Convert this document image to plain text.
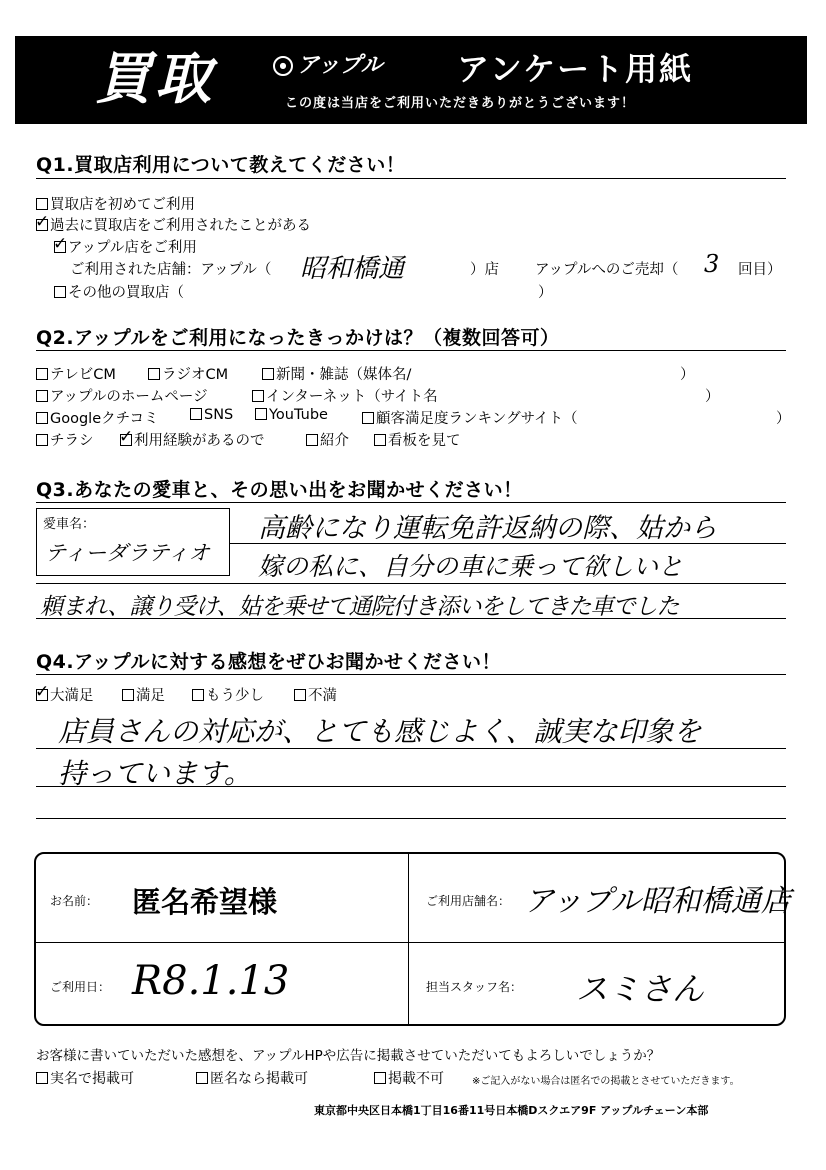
買取	● アップル アンケート用紙
この度は当店をご利用いただきありがとうございます！
Q1.買取店利用について教えてください！
買取店を初めてご利用
✓過去に買取店をご利用されたことがある
✓アップル店をご利用
ご利用された店舗：アップル（ 昭和橋通	）店 アップルへのご売却（ 3 回目）
その他の買取店（	）
Q2.アップルをご利用になったきっかけは？（複数回答可）
テレビCM	ラジオCM	新聞・雑誌（媒体名/	）
アップルのホームページ	インターネット（サイト名	）
Googleクチコミ	SNS	YouTube	顧客満足度ランキングサイト（	）
チラシ
✓	利用経験があるので	紹介	看板を見て
Q3.あなたの愛車と、その思い出をお聞かせください！
愛車名：
ティーダラティオ
高齢になり運転免許返納の際、姑から
嫁の私に、自分の車に乗って欲しいと
頼まれ、譲り受け、姑を乗せて通院付き添いをしてきた車でした
Q4.アップルに対する感想をぜひお聞かせください！
✓大満足	満足	もう少し	不満
店員さんの対応が、とても感じよく、誠実な印象を
持っています。
お名前： 匿名希望様	ご利用店舗名： アップル昭和橋通店
ご利用日： R8.1.13	担当スタッフ名： スミさん
お客様に書いていただいた感想を、アップルHPや広告に掲載させていただいてもよろしいでしょうか？
実名で掲載可	匿名なら掲載可	掲載不可	※ご記入がない場合は匿名での掲載とさせていただきます。
東京都中央区日本橋1丁目16番11号日本橋Dスクエア9F アップルチェーン本部
